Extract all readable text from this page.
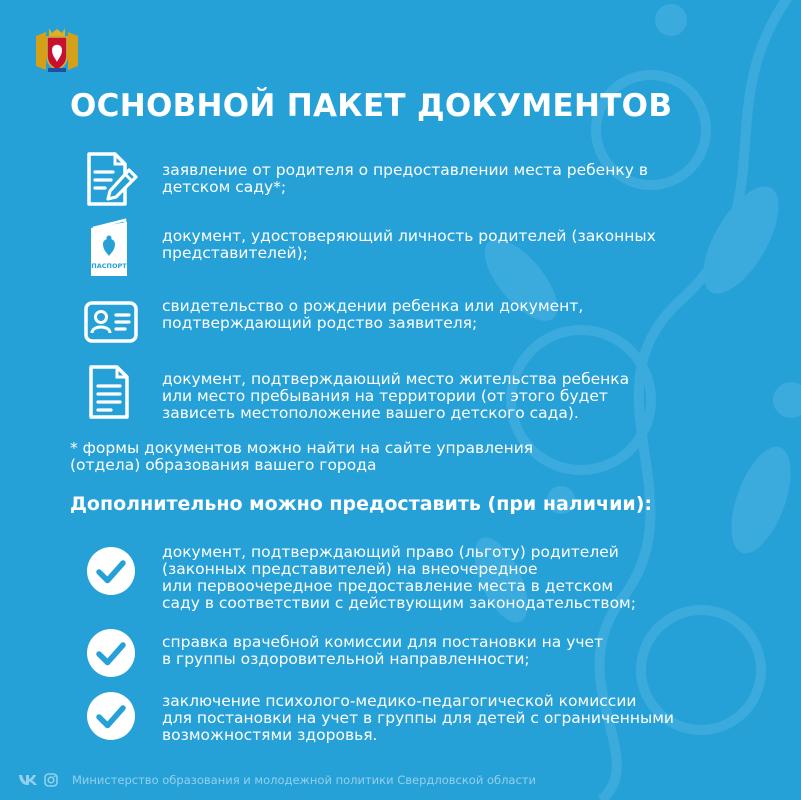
ОСНОВНОЙ ПАКЕТ ДОКУМЕНТОВ

заявление от родителя о предоставлении места ребенку в
детском саду*;

ПАСПОРТ

документ, удостоверяющий личность родителей (законных
представителей);

свидетельство о рождении ребенка или документ,
подтверждающий родство заявителя;

документ, подтверждающий место жительства ребенка
или место пребывания на территории (от этого будет
зависеть местоположение вашего детского сада).

* формы документов можно найти на сайте управления
(отдела) образования вашего города

Дополнительно можно предоставить (при наличии):

документ, подтверждающий право (льготу) родителей
(законных представителей) на внеочередное
или первоочередное предоставление места в детском
саду в соответствии с действующим законодательством;

справка врачебной комиссии для постановки на учет
в группы оздоровительной направленности;

заключение психолого-медико-педагогической комиссии
для постановки на учет в группы для детей с ограниченными
возможностями здоровья.

Министерство образования и молодежной политики Свердловской области
